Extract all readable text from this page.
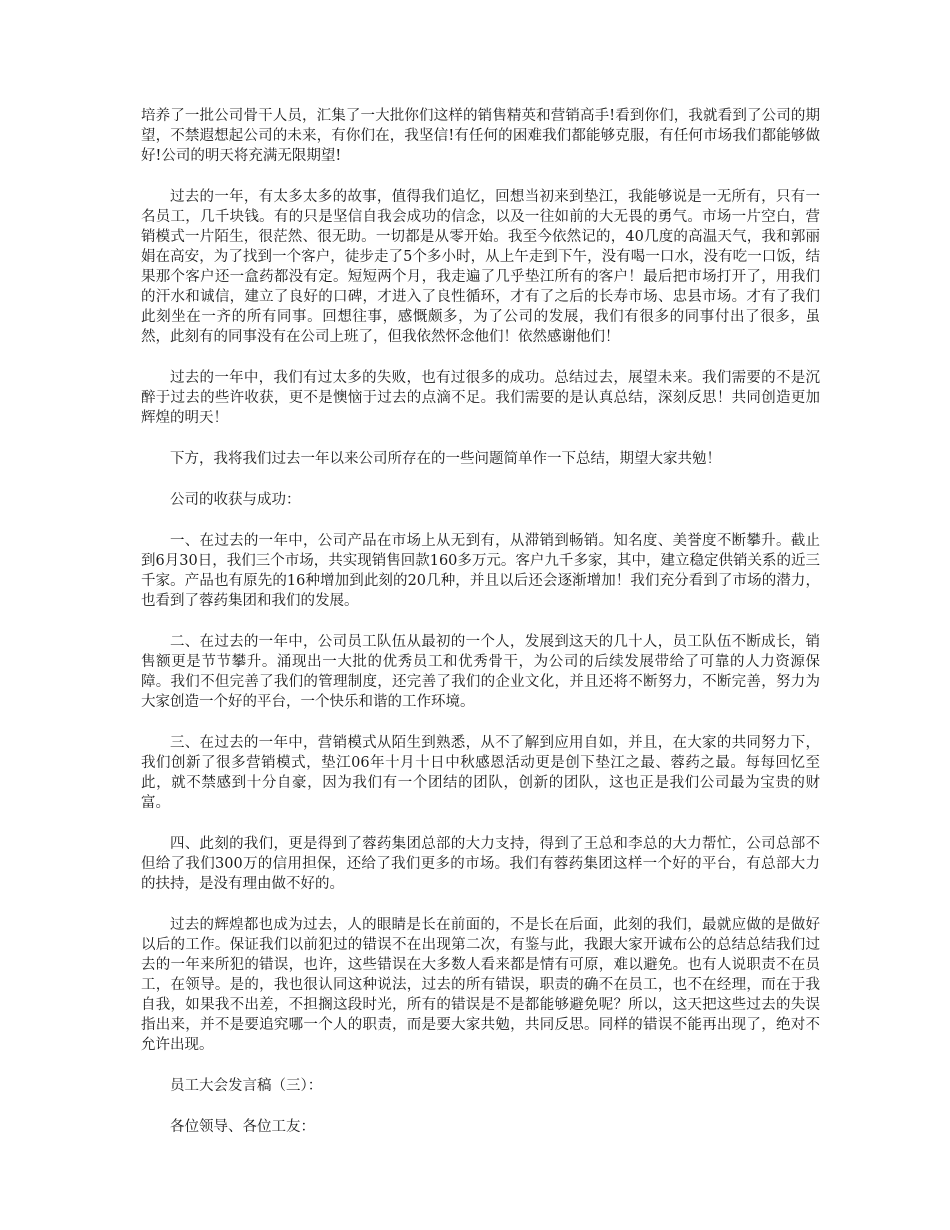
培养了一批公司骨干人员，汇集了一大批你们这样的销售精英和营销高手!看到你们，我就看到了公司的期望，不禁遐想起公司的未来，有你们在，我坚信!有任何的困难我们都能够克服，有任何市场我们都能够做好!公司的明天将充满无限期望!

过去的一年，有太多太多的故事，值得我们追忆，回想当初来到垫江，我能够说是一无所有，只有一名员工，几千块钱。有的只是坚信自我会成功的信念，以及一往如前的大无畏的勇气。市场一片空白，营销模式一片陌生，很茫然、很无助。一切都是从零开始。我至今依然记的，40几度的高温天气，我和郭丽娟在高安，为了找到一个客户，徒步走了5个多小时，从上午走到下午，没有喝一口水，没有吃一口饭，结果那个客户还一盒药都没有定。短短两个月，我走遍了几乎垫江所有的客户！最后把市场打开了，用我们的汗水和诚信，建立了良好的口碑，才进入了良性循环，才有了之后的长寿市场、忠县市场。才有了我们此刻坐在一齐的所有同事。回想往事，感慨颇多，为了公司的发展，我们有很多的同事付出了很多，虽然，此刻有的同事没有在公司上班了，但我依然怀念他们！依然感谢他们！

过去的一年中，我们有过太多的失败，也有过很多的成功。总结过去，展望未来。我们需要的不是沉醉于过去的些许收获，更不是懊恼于过去的点滴不足。我们需要的是认真总结，深刻反思！共同创造更加辉煌的明天！

下方，我将我们过去一年以来公司所存在的一些问题简单作一下总结，期望大家共勉！

公司的收获与成功：

一、在过去的一年中，公司产品在市场上从无到有，从滞销到畅销。知名度、美誉度不断攀升。截止到6月30日，我们三个市场，共实现销售回款160多万元。客户九千多家，其中，建立稳定供销关系的近三千家。产品也有原先的16种增加到此刻的20几种，并且以后还会逐渐增加！我们充分看到了市场的潜力，也看到了蓉药集团和我们的发展。

二、在过去的一年中，公司员工队伍从最初的一个人，发展到这天的几十人，员工队伍不断成长，销售额更是节节攀升。涌现出一大批的优秀员工和优秀骨干，为公司的后续发展带给了可靠的人力资源保障。我们不但完善了我们的管理制度，还完善了我们的企业文化，并且还将不断努力，不断完善，努力为大家创造一个好的平台，一个快乐和谐的工作环境。

三、在过去的一年中，营销模式从陌生到熟悉，从不了解到应用自如，并且，在大家的共同努力下，我们创新了很多营销模式，垫江06年十月十日中秋感恩活动更是创下垫江之最、蓉药之最。每每回忆至此，就不禁感到十分自豪，因为我们有一个团结的团队，创新的团队，这也正是我们公司最为宝贵的财富。

四、此刻的我们，更是得到了蓉药集团总部的大力支持，得到了王总和李总的大力帮忙，公司总部不但给了我们300万的信用担保，还给了我们更多的市场。我们有蓉药集团这样一个好的平台，有总部大力的扶持，是没有理由做不好的。

过去的辉煌都也成为过去，人的眼睛是长在前面的，不是长在后面，此刻的我们，最就应做的是做好以后的工作。保证我们以前犯过的错误不在出现第二次，有鉴与此，我跟大家开诚布公的总结总结我们过去的一年来所犯的错误，也许，这些错误在大多数人看来都是情有可原，难以避免。也有人说职责不在员工，在领导。是的，我也很认同这种说法，过去的所有错误，职责的确不在员工，也不在经理，而在于我自我，如果我不出差，不担搁这段时光，所有的错误是不是都能够避免呢？所以，这天把这些过去的失误指出来，并不是要追究哪一个人的职责，而是要大家共勉，共同反思。同样的错误不能再出现了，绝对不允许出现。

员工大会发言稿（三）：

各位领导、各位工友：
